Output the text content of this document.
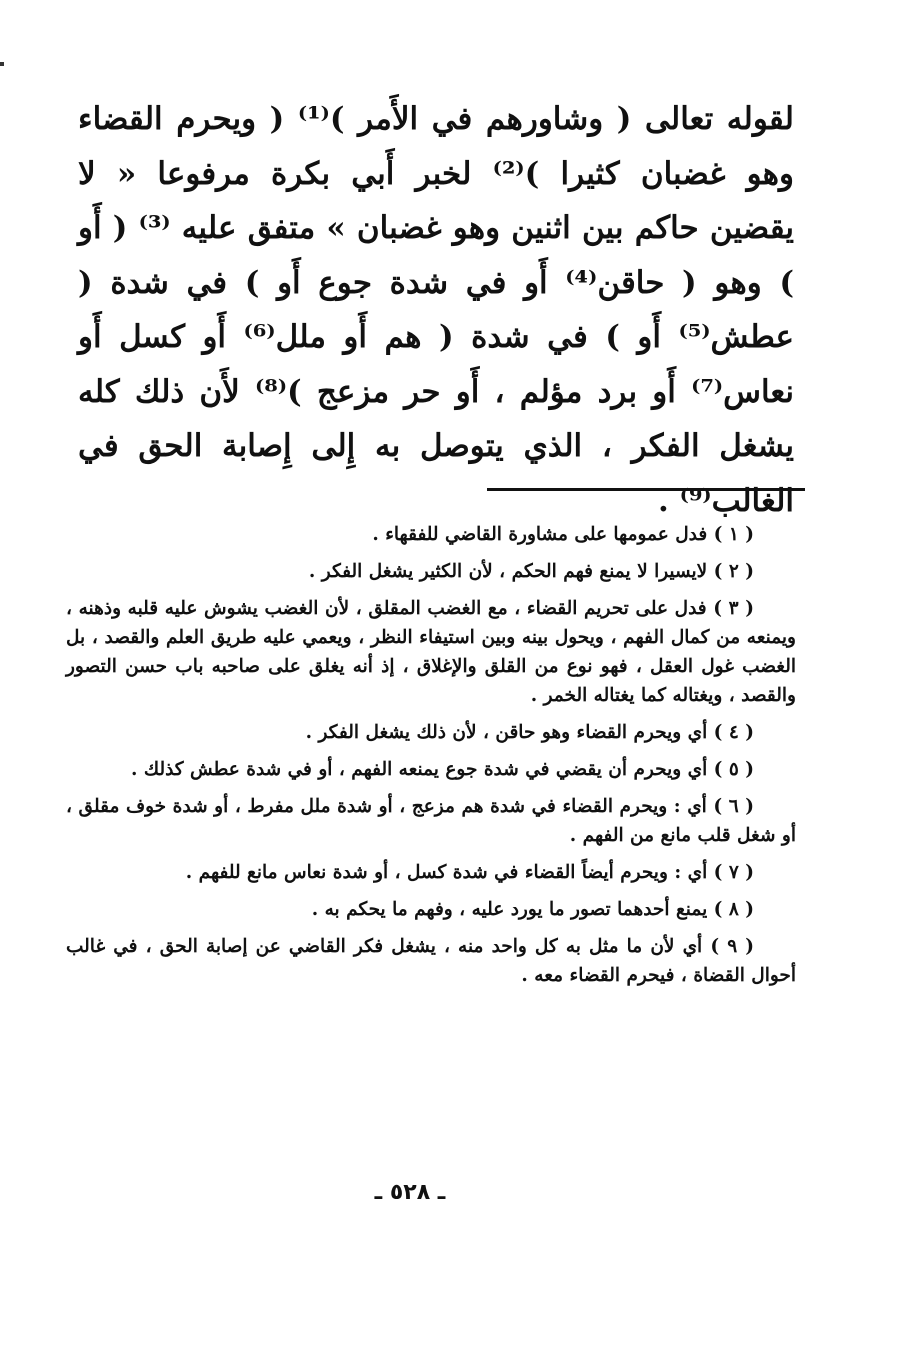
لقوله تعالى ( وشاورهم في الأَمر )⁽¹⁾ ( ويحرم القضاء وهو غضبان كثيرا )⁽²⁾ لخبر أَبي بكرة مرفوعا « لا يقضين حاكم بين اثنين وهو غضبان » متفق عليه ⁽³⁾ ( أَو ) وهو ( حاقن⁽⁴⁾ أَو في شدة جوع أَو ) في شدة ( عطش⁽⁵⁾ أَو ) في شدة ( هم أَو ملل⁽⁶⁾ أَو كسل أَو نعاس⁽⁷⁾ أَو برد مؤلم ، أَو حر مزعج )⁽⁸⁾ لأَن ذلك كله يشغل الفكر ، الذي يتوصل به إِلى إِصابة الحق في الغالب⁽⁹⁾ .

( ١ ) فدل عمومها على مشاورة القاضي للفقهاء .
( ٢ ) لايسيرا لا يمنع فهم الحكم ، لأن الكثير يشغل الفكر .
( ٣ ) فدل على تحريم القضاء ، مع الغضب المقلق ، لأن الغضب يشوش عليه قلبه وذهنه ، ويمنعه من كمال الفهم ، ويحول بينه وبين استيفاء النظر ، ويعمي عليه طريق العلم والقصد ، بل الغضب غول العقل ، فهو نوع من القلق والإغلاق ، إذ أنه يغلق على صاحبه باب حسن التصور والقصد ، ويغتاله كما يغتاله الخمر .
( ٤ ) أي ويحرم القضاء وهو حاقن ، لأن ذلك يشغل الفكر .
( ٥ ) أي ويحرم أن يقضي في شدة جوع يمنعه الفهم ، أو في شدة عطش كذلك .
( ٦ ) أي : ويحرم القضاء في شدة هم مزعج ، أو شدة ملل مفرط ، أو شدة خوف مقلق ، أو شغل قلب مانع من الفهم .
( ٧ ) أي : ويحرم أيضاً القضاء في شدة كسل ، أو شدة نعاس مانع للفهم .
( ٨ ) يمنع أحدهما تصور ما يورد عليه ، وفهم ما يحكم به .
( ٩ ) أي لأن ما مثل به كل واحد منه ، يشغل فكر القاضي عن إصابة الحق ، في غالب أحوال القضاة ، فيحرم القضاء معه .
ـ ٥٢٨ ـ
